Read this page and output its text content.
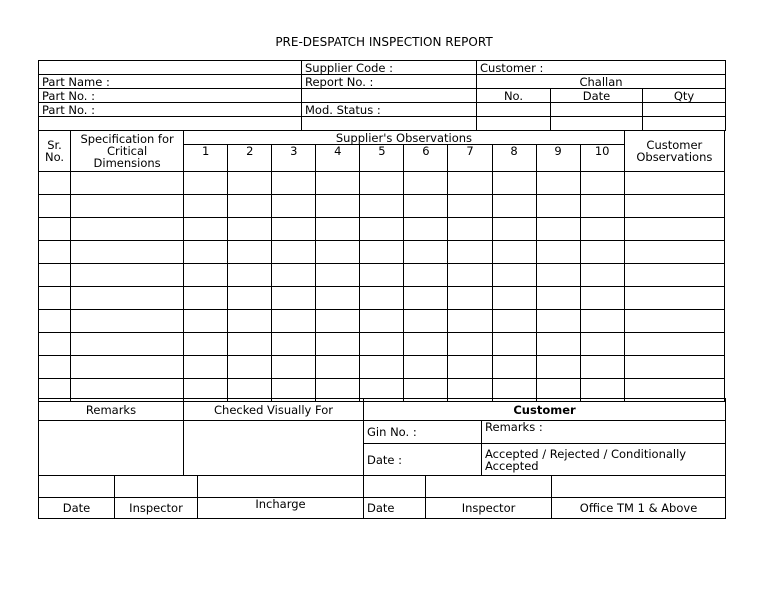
PRE-DESPATCH INSPECTION REPORT
	Supplier Code :	Customer :		
Part Name :	Report No. :	Challan		
Part No. :		No.	Date	Qty
Part No. :	Mod. Status :			

Sr. No.	Specification for Critical Dimensions	Supplier's Observations										Customer Observations
		1	2	3	4	5	6	7	8	9	10	

Remarks		Checked Visually For		Customer			
				Gin No. :		Remarks :	
				Date :		Accepted / Rejected / Conditionally Accepted	

Date	Inspector		Incharge	Date	Inspector		Office TM 1 & Above
